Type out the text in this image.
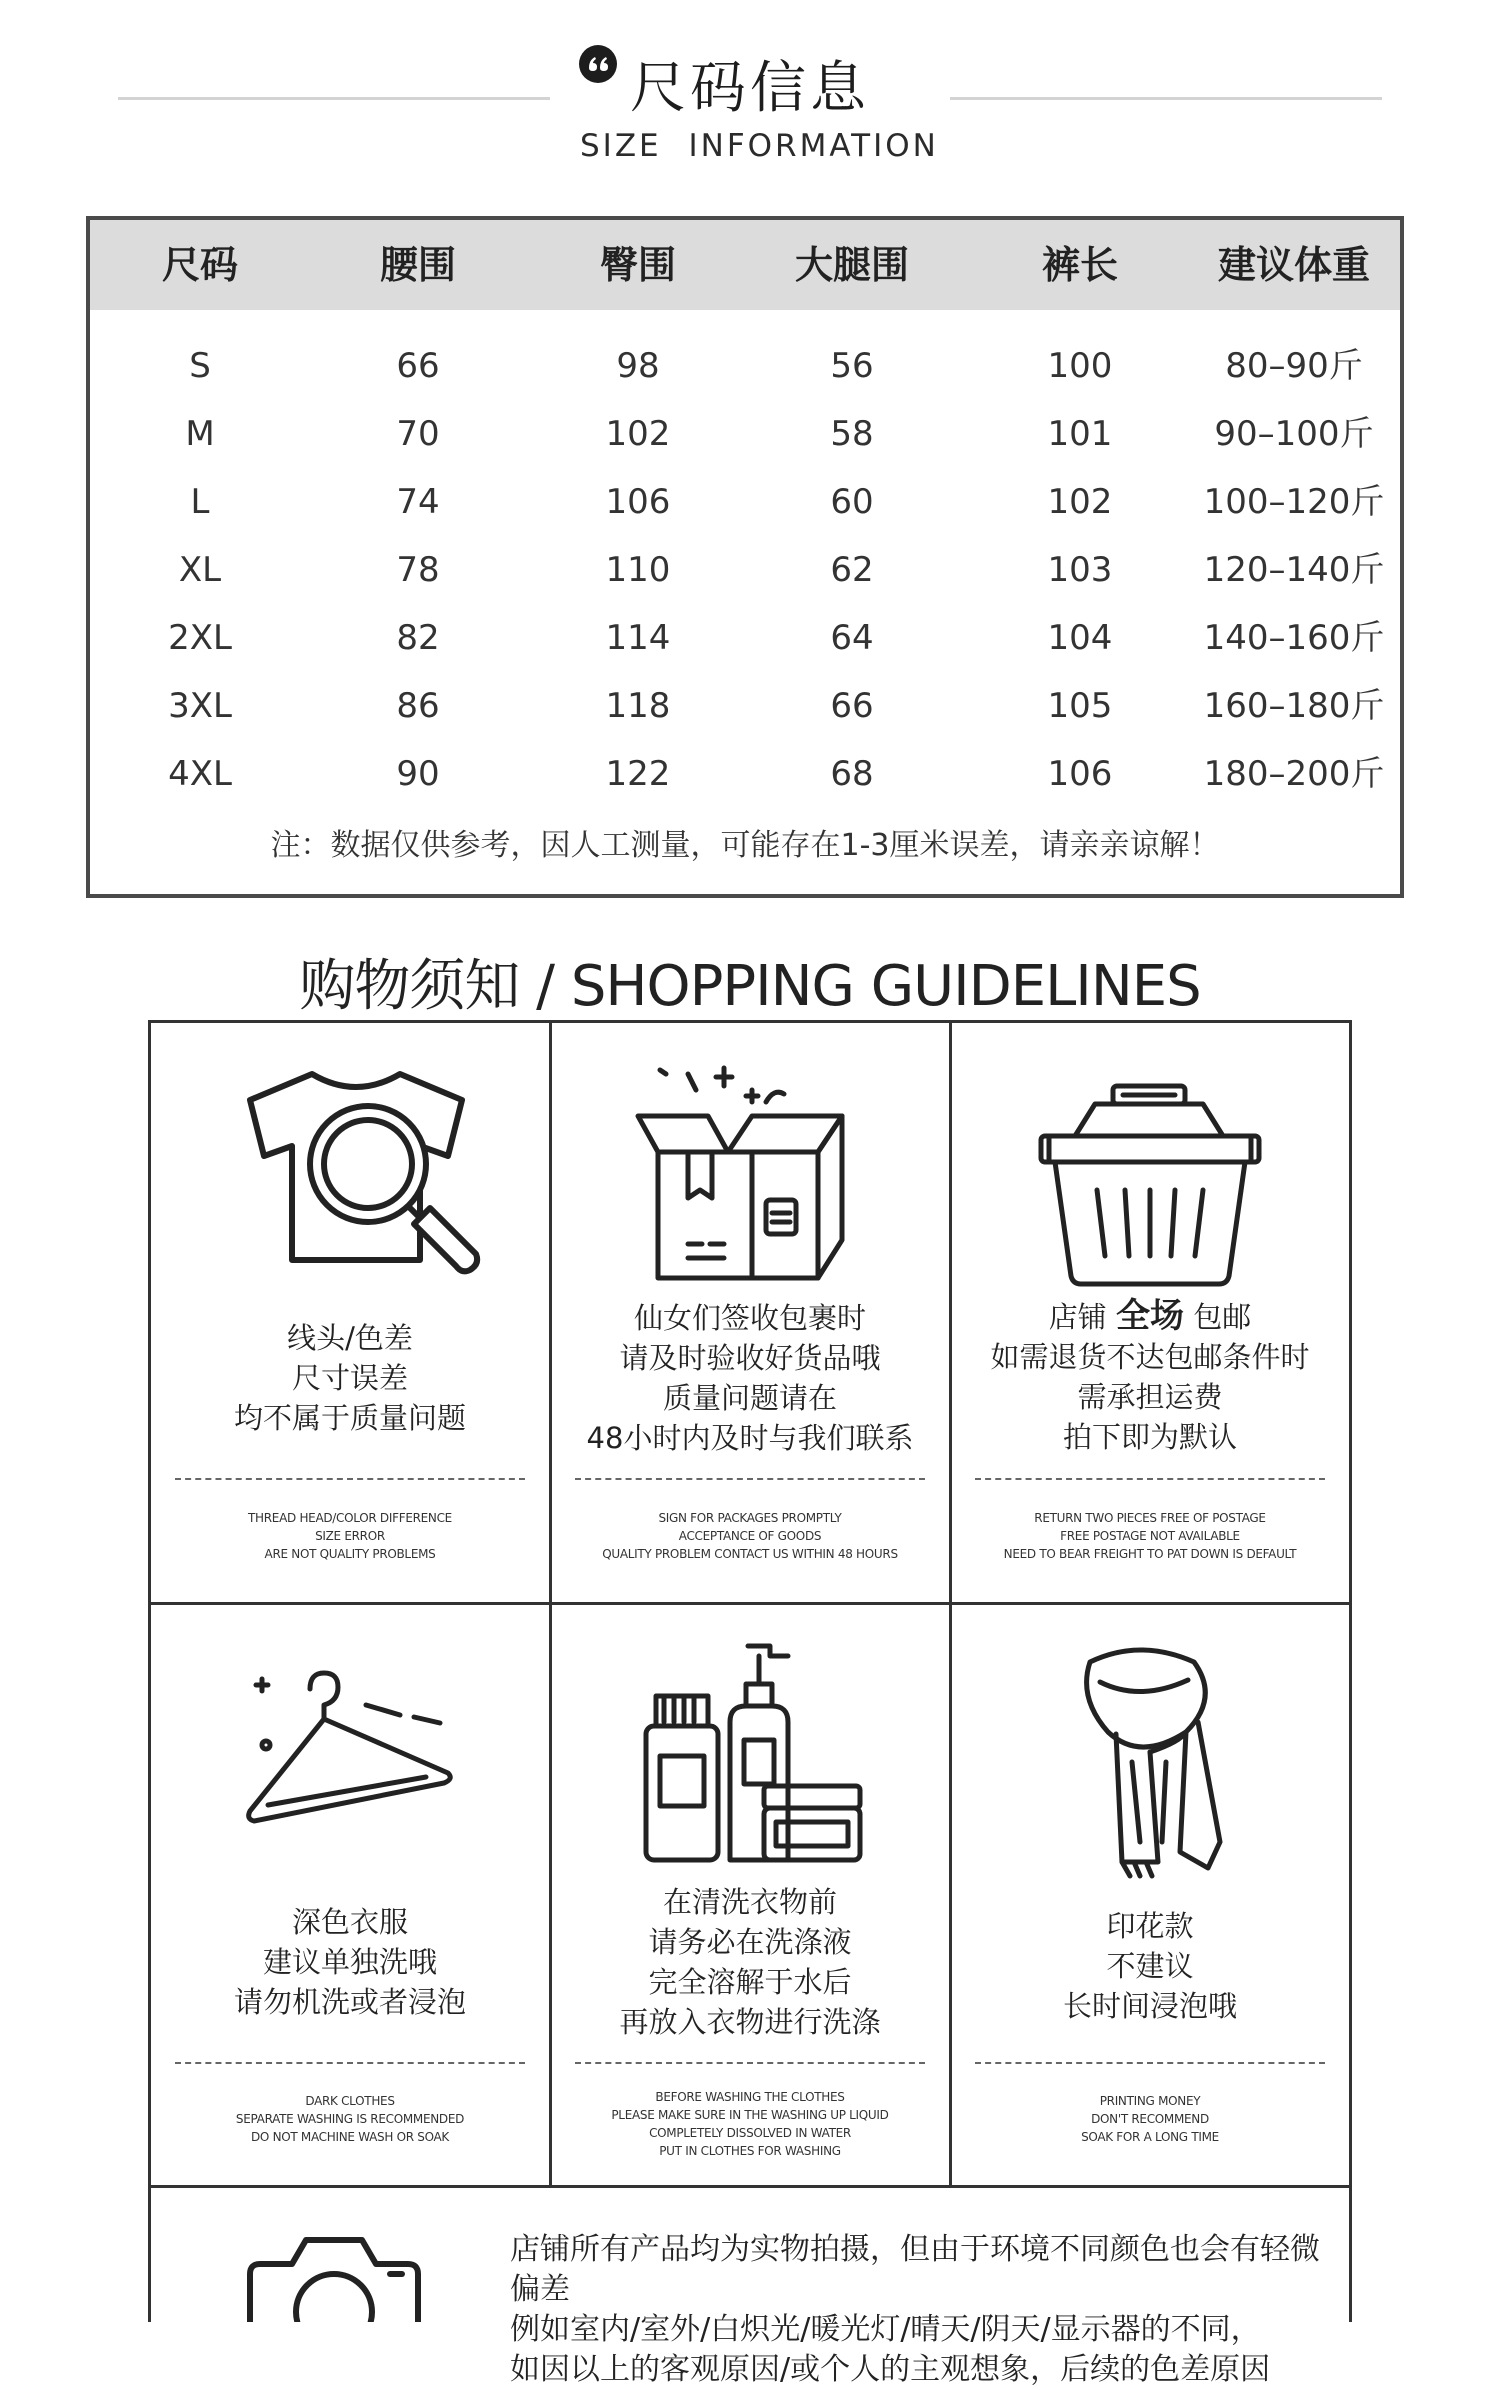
尺码信息
SIZE INFORMATION
尺码	腰围	臀围	大腿围	裤长	建议体重
S	66	98	56	100	80–90斤
M	70	102	58	101	90–100斤
L	74	106	60	102	100–120斤
XL	78	110	62	103	120–140斤
2XL	82	114	64	104	140–160斤
3XL	86	118	66	105	160–180斤
4XL	90	122	68	106	180–200斤
注：数据仅供参考，因人工测量，可能存在1-3厘米误差，请亲亲谅解！
购物须知 / SHOPPING GUIDELINES
线头/色差
尺寸误差
均不属于质量问题
THREAD HEAD/COLOR DIFFERENCE
SIZE ERROR
ARE NOT QUALITY PROBLEMS
仙女们签收包裹时
请及时验收好货品哦
质量问题请在
48小时内及时与我们联系
SIGN FOR PACKAGES PROMPTLY
ACCEPTANCE OF GOODS
QUALITY PROBLEM CONTACT US WITHIN 48 HOURS
店铺 全场 包邮
如需退货不达包邮条件时
需承担运费
拍下即为默认
RETURN TWO PIECES FREE OF POSTAGE
FREE POSTAGE NOT AVAILABLE
NEED TO BEAR FREIGHT TO PAT DOWN IS DEFAULT
深色衣服
建议单独洗哦
请勿机洗或者浸泡
DARK CLOTHES
SEPARATE WASHING IS RECOMMENDED
DO NOT MACHINE WASH OR SOAK
在清洗衣物前
请务必在洗涤液
完全溶解于水后
再放入衣物进行洗涤
BEFORE WASHING THE CLOTHES
PLEASE MAKE SURE IN THE WASHING UP LIQUID
COMPLETELY DISSOLVED IN WATER
PUT IN CLOTHES FOR WASHING
印花款
不建议
长时间浸泡哦
PRINTING MONEY
DON'T RECOMMEND
SOAK FOR A LONG TIME
店铺所有产品均为实物拍摄，但由于环境不同颜色也会有轻微偏差
例如室内/室外/白炽光/暖光灯/晴天/阴天/显示器的不同，
如因以上的客观原因/或个人的主观想象，后续的色差原因
